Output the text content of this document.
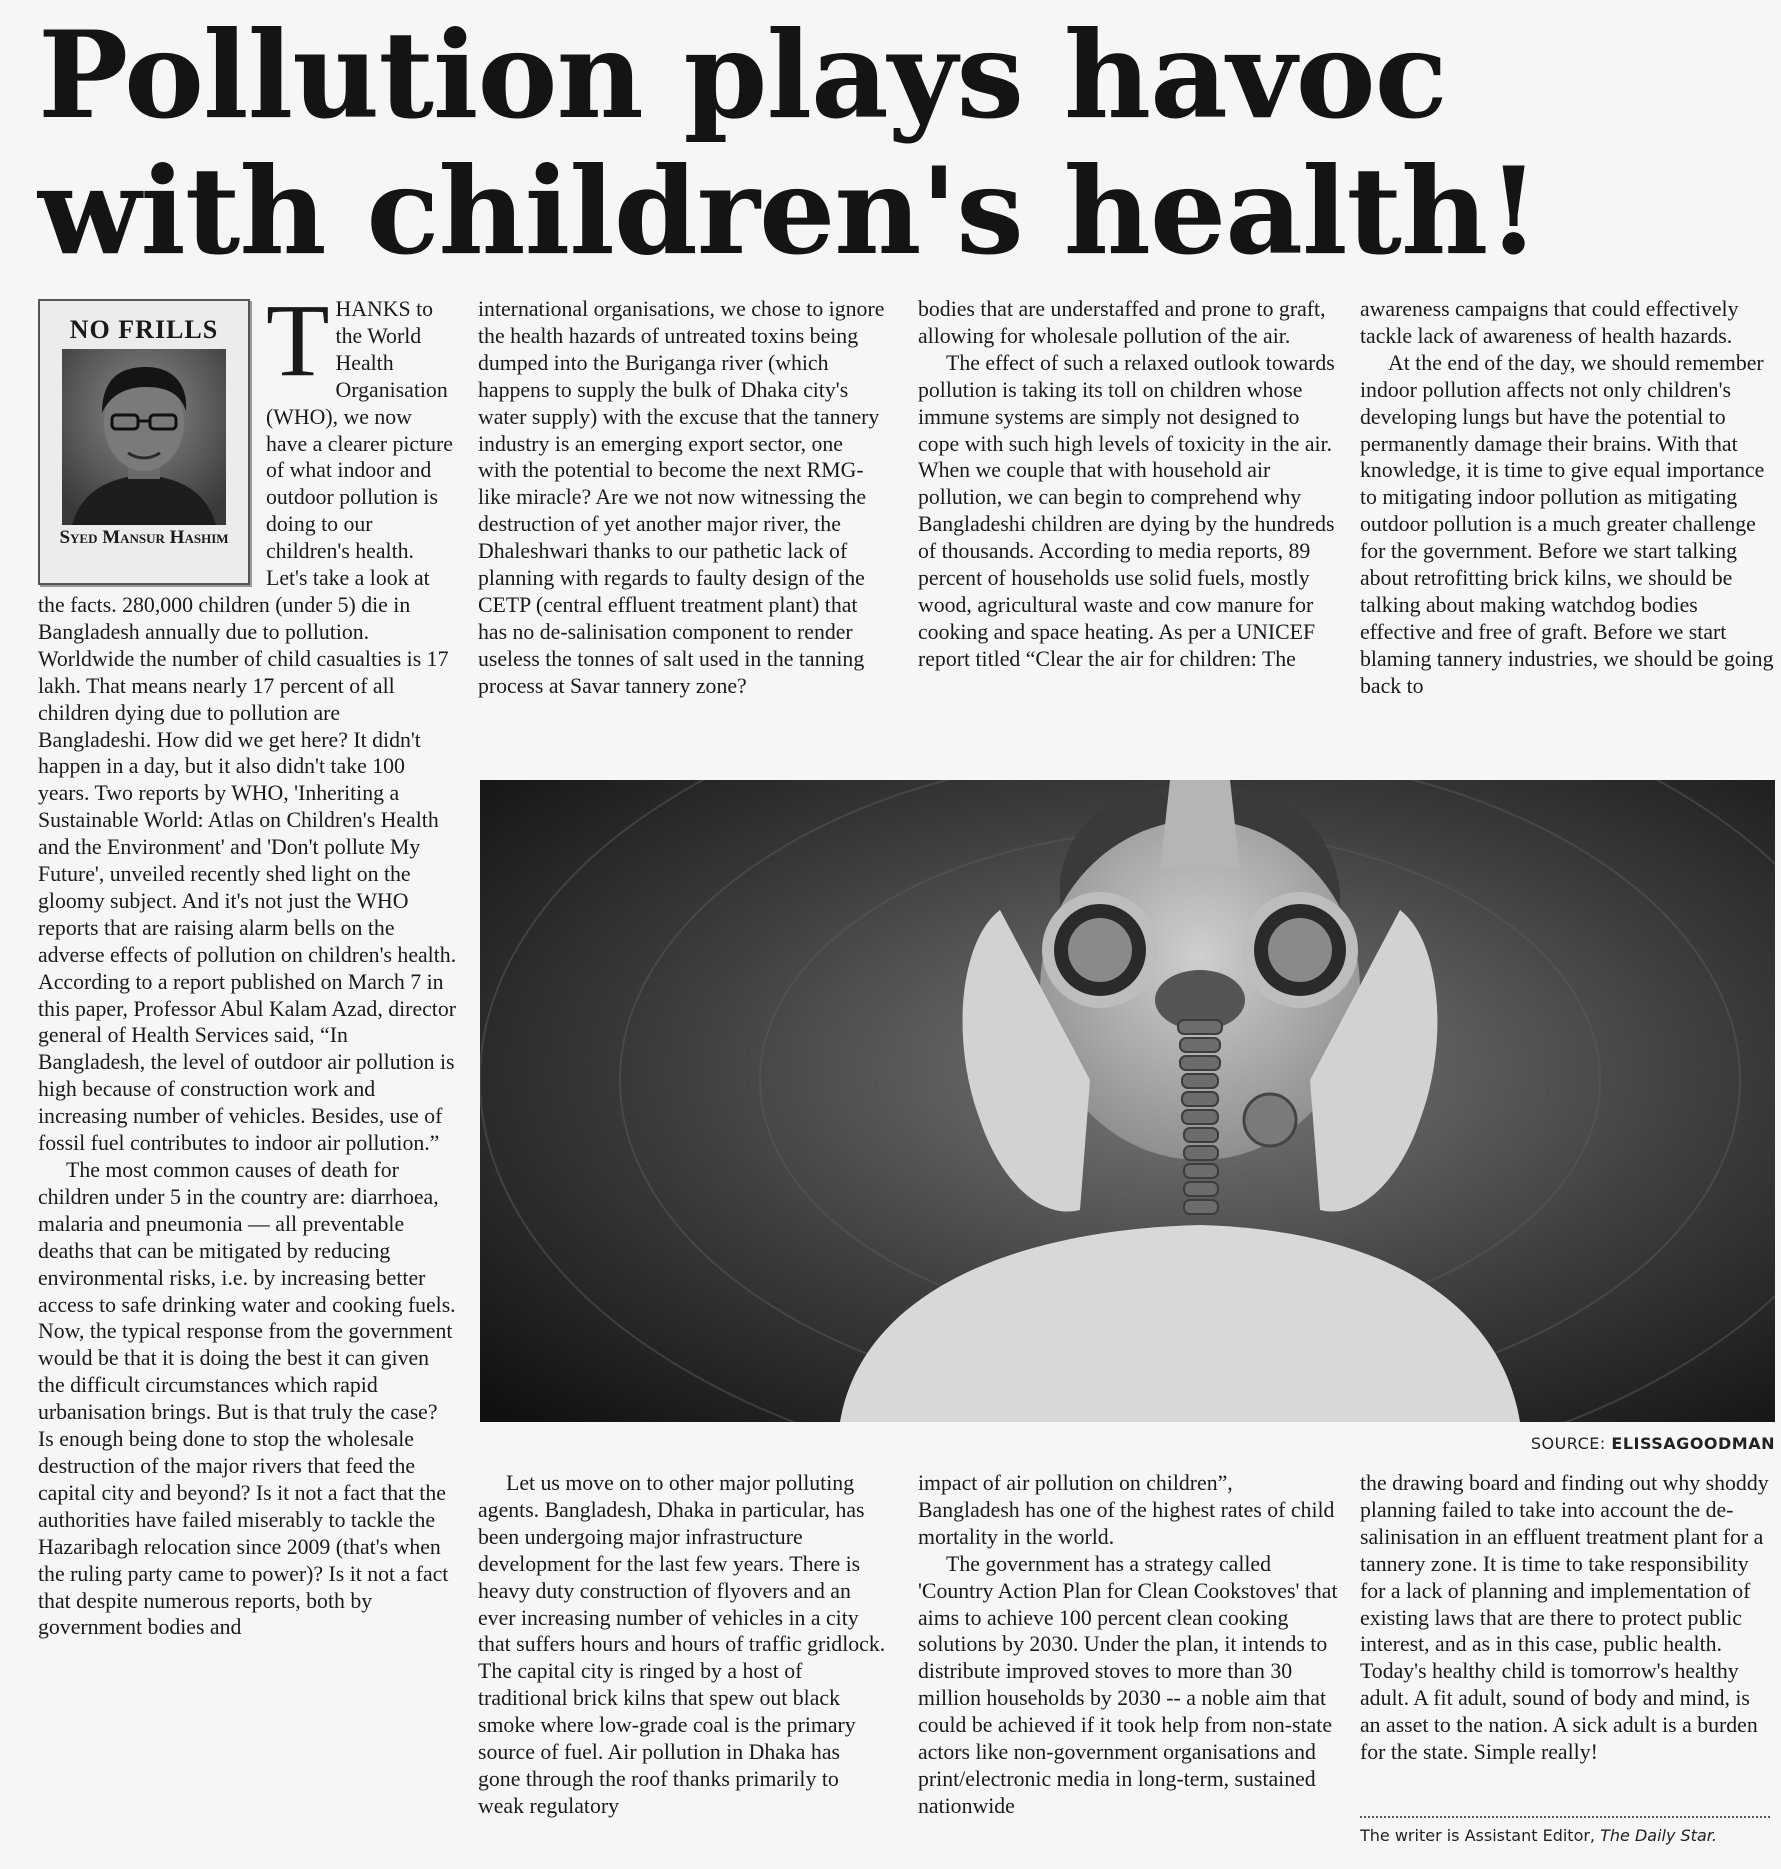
Pollution plays havoc with children's health!
NO FRILLS
Syed Mansur Hashim

THANKS to the World Health Organisation (WHO), we now have a clearer picture of what indoor and outdoor pollution is doing to our children's health. Let's take a look at the facts. 280,000 children (under 5) die in Bangladesh annually due to pollution. Worldwide the number of child casualties is 17 lakh. That means nearly 17 percent of all children dying due to pollution are Bangladeshi. How did we get here? It didn't happen in a day, but it also didn't take 100 years. Two reports by WHO, 'Inheriting a Sustainable World: Atlas on Children's Health and the Environment' and 'Don't pollute My Future', unveiled recently shed light on the gloomy subject. And it's not just the WHO reports that are raising alarm bells on the adverse effects of pollution on children's health. According to a report published on March 7 in this paper, Professor Abul Kalam Azad, director general of Health Services said, “In Bangladesh, the level of outdoor air pollution is high because of construction work and increasing number of vehicles. Besides, use of fossil fuel contributes to indoor air pollution.”

The most common causes of death for children under 5 in the country are: diarrhoea, malaria and pneumonia — all preventable deaths that can be mitigated by reducing environmental risks, i.e. by increasing better access to safe drinking water and cooking fuels. Now, the typical response from the government would be that it is doing the best it can given the difficult circumstances which rapid urbanisation brings. But is that truly the case? Is enough being done to stop the wholesale destruction of the major rivers that feed the capital city and beyond? Is it not a fact that the authorities have failed miserably to tackle the Hazaribagh relocation since 2009 (that's when the ruling party came to power)? Is it not a fact that despite numerous reports, both by government bodies and

international organisations, we chose to ignore the health hazards of untreated toxins being dumped into the Buriganga river (which happens to supply the bulk of Dhaka city's water supply) with the excuse that the tannery industry is an emerging export sector, one with the potential to become the next RMG-like miracle? Are we not now witnessing the destruction of yet another major river, the Dhaleshwari thanks to our pathetic lack of planning with regards to faulty design of the CETP (central effluent treatment plant) that has no de-salinisation component to render useless the tonnes of salt used in the tanning process at Savar tannery zone?

Let us move on to other major polluting agents. Bangladesh, Dhaka in particular, has been undergoing major infrastructure development for the last few years. There is heavy duty construction of flyovers and an ever increasing number of vehicles in a city that suffers hours and hours of traffic gridlock. The capital city is ringed by a host of traditional brick kilns that spew out black smoke where low-grade coal is the primary source of fuel. Air pollution in Dhaka has gone through the roof thanks primarily to weak regulatory

bodies that are understaffed and prone to graft, allowing for wholesale pollution of the air.

The effect of such a relaxed outlook towards pollution is taking its toll on children whose immune systems are simply not designed to cope with such high levels of toxicity in the air. When we couple that with household air pollution, we can begin to comprehend why Bangladeshi children are dying by the hundreds of thousands. According to media reports, 89 percent of households use solid fuels, mostly wood, agricultural waste and cow manure for cooking and space heating. As per a UNICEF report titled “Clear the air for children: The

impact of air pollution on children”, Bangladesh has one of the highest rates of child mortality in the world.

The government has a strategy called 'Country Action Plan for Clean Cookstoves' that aims to achieve 100 percent clean cooking solutions by 2030. Under the plan, it intends to distribute improved stoves to more than 30 million households by 2030 -- a noble aim that could be achieved if it took help from non-state actors like non-government organisations and print/electronic media in long-term, sustained nationwide

awareness campaigns that could effectively tackle lack of awareness of health hazards.

At the end of the day, we should remember indoor pollution affects not only children's developing lungs but have the potential to permanently damage their brains. With that knowledge, it is time to give equal importance to mitigating indoor pollution as mitigating outdoor pollution is a much greater challenge for the government. Before we start talking about retrofitting brick kilns, we should be talking about making watchdog bodies effective and free of graft. Before we start blaming tannery industries, we should be going back to

the drawing board and finding out why shoddy planning failed to take into account the de-salinisation in an effluent treatment plant for a tannery zone. It is time to take responsibility for a lack of planning and implementation of existing laws that are there to protect public interest, and as in this case, public health. Today's healthy child is tomorrow's healthy adult. A fit adult, sound of body and mind, is an asset to the nation. A sick adult is a burden for the state. Simple really!

SOURCE: ELISSAGOODMAN
The writer is Assistant Editor, The Daily Star.
